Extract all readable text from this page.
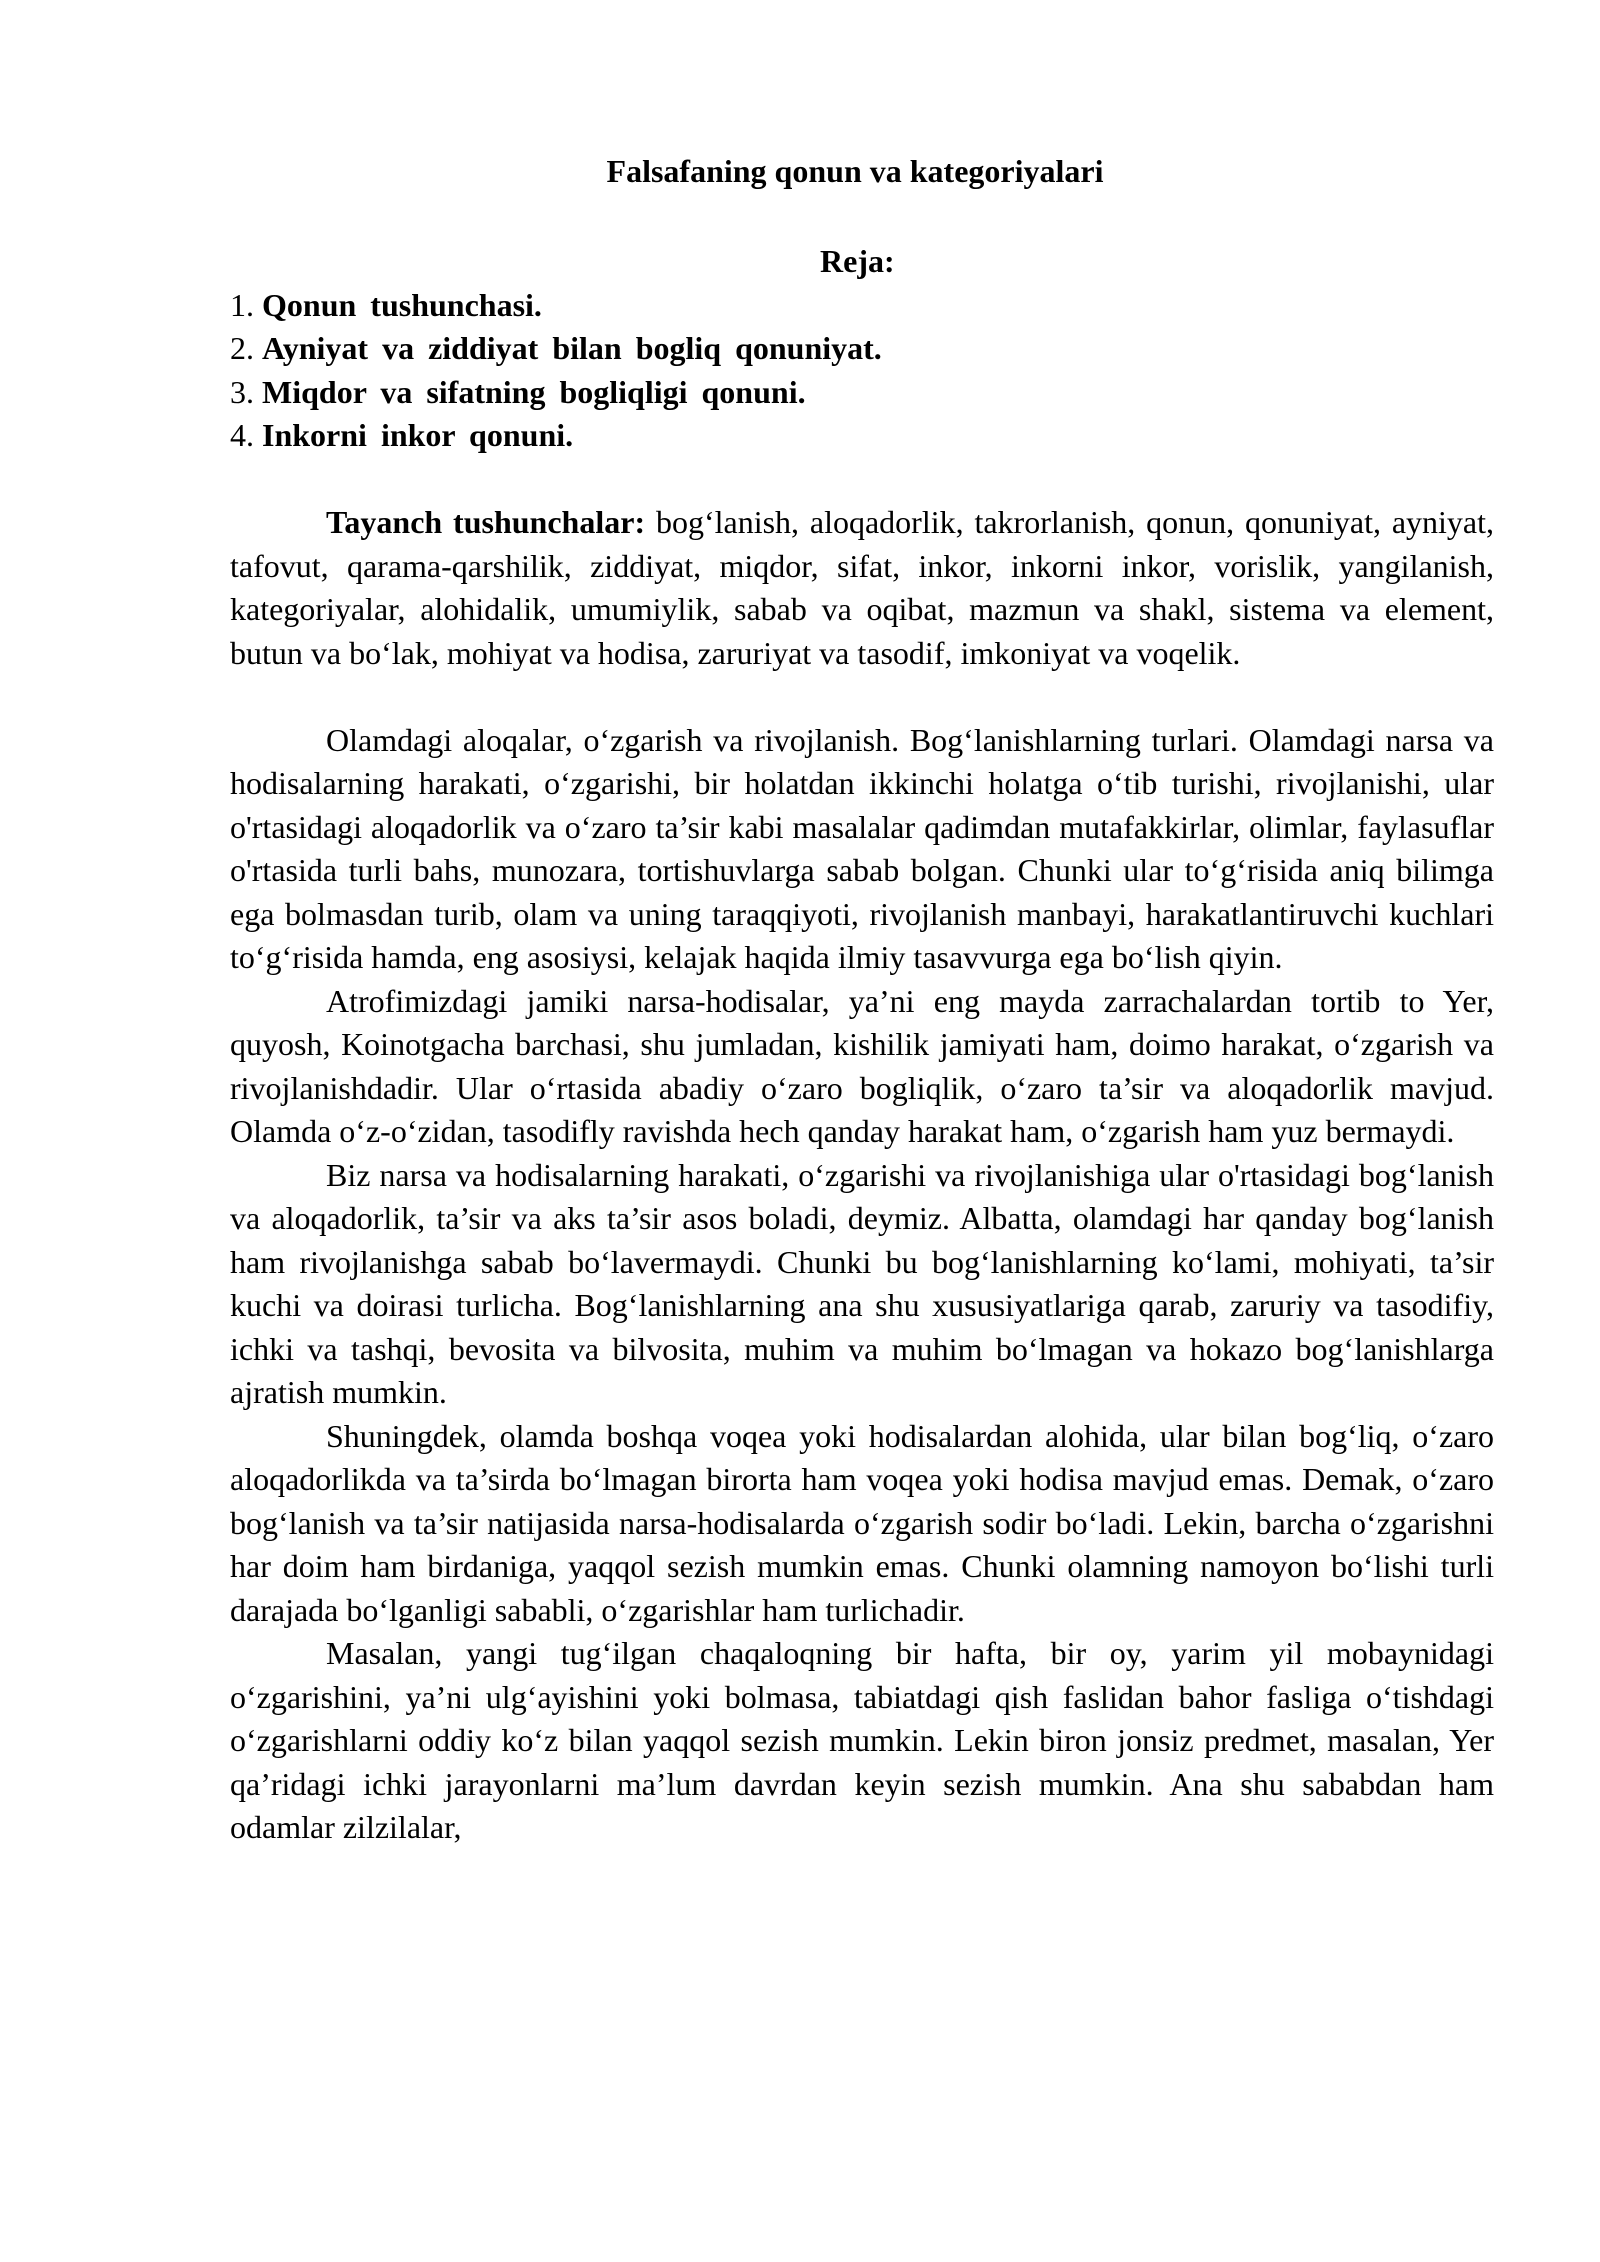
Falsafaning qonun va kategoriyalari

Reja:

1. Qonun tushunchasi.
2. Ayniyat va ziddiyat bilan bogliq qonuniyat.
3. Miqdor va sifatning bogliqligi qonuni.
4. Inkorni inkor qonuni.

Tayanch tushunchalar: bog‘lanish, aloqadorlik, takrorlanish, qonun, qonuniyat, ayniyat, tafovut, qarama-qarshilik, ziddiyat, miqdor, sifat, inkor, inkorni inkor, vorislik, yangilanish, kategoriyalar, alohidalik, umumiylik, sabab va oqibat, mazmun va shakl, sistema va element, butun va bo‘lak, mohiyat va hodisa, zaruriyat va tasodif, imkoniyat va voqelik.

Olamdagi aloqalar, o‘zgarish va rivojlanish. Bog‘lanishlarning turlari. Olamdagi narsa va hodisalarning harakati, o‘zgarishi, bir holatdan ikkinchi holatga o‘tib turishi, rivojlanishi, ular o'rtasidagi aloqadorlik va o‘zaro ta’sir kabi masalalar qadimdan mutafakkirlar, olimlar, faylasuflar o'rtasida turli bahs, munozara, tortishuvlarga sabab bolgan. Chunki ular to‘g‘risida aniq bilimga ega bolmasdan turib, olam va uning taraqqiyoti, rivojlanish manbayi, harakatlantiruvchi kuchlari to‘g‘risida hamda, eng asosiysi, kelajak haqida ilmiy tasavvurga ega bo‘lish qiyin.

Atrofimizdagi jamiki narsa-hodisalar, ya’ni eng mayda zarrachalardan tortib to Yer, quyosh, Koinotgacha barchasi, shu jumladan, kishilik jamiyati ham, doimo harakat, o‘zgarish va rivojlanishdadir. Ular o‘rtasida abadiy o‘zaro bogliqlik, o‘zaro ta’sir va aloqadorlik mavjud. Olamda o‘z-o‘zidan, tasodifly ravishda hech qanday harakat ham, o‘zgarish ham yuz bermaydi.

Biz narsa va hodisalarning harakati, o‘zgarishi va rivojlanishiga ular o'rtasidagi bog‘lanish va aloqadorlik, ta’sir va aks ta’sir asos boladi, deymiz. Albatta, olamdagi har qanday bog‘lanish ham rivojlanishga sabab bo‘lavermaydi. Chunki bu bog‘lanishlarning ko‘lami, mohiyati, ta’sir kuchi va doirasi turlicha. Bog‘lanishlarning ana shu xususiyatlariga qarab, zaruriy va tasodifiy, ichki va tashqi, bevosita va bilvosita, muhim va muhim bo‘lmagan va hokazo bog‘lanishlarga ajratish mumkin.

Shuningdek, olamda boshqa voqea yoki hodisalardan alohida, ular bilan bog‘liq, o‘zaro aloqadorlikda va ta’sirda bo‘lmagan birorta ham voqea yoki hodisa mavjud emas. Demak, o‘zaro bog‘lanish va ta’sir natijasida narsa-hodisalarda o‘zgarish sodir bo‘ladi. Lekin, barcha o‘zgarishni har doim ham birdaniga, yaqqol sezish mumkin emas. Chunki olamning namoyon bo‘lishi turli darajada bo‘lganligi sababli, o‘zgarishlar ham turlichadir.

Masalan, yangi tug‘ilgan chaqaloqning bir hafta, bir oy, yarim yil mobaynidagi o‘zgarishini, ya’ni ulg‘ayishini yoki bolmasa, tabiatdagi qish faslidan bahor fasliga o‘tishdagi o‘zgarishlarni oddiy ko‘z bilan yaqqol sezish mumkin. Lekin biron jonsiz predmet, masalan, Yer qa’ridagi ichki jarayonlarni ma’lum davrdan keyin sezish mumkin. Ana shu sababdan ham odamlar zilzilalar,
